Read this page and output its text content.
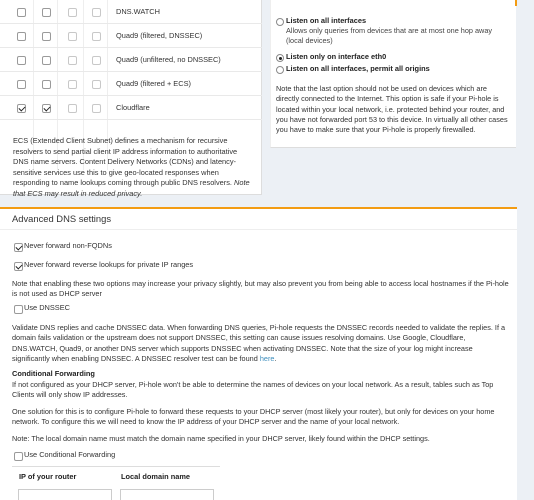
DNS.WATCH
Quad9 (filtered, DNSSEC)
Quad9 (unfiltered, no DNSSEC)
Quad9 (filtered + ECS)
Cloudflare
ECS (Extended Client Subnet) defines a mechanism for recursive resolvers to send partial client IP address information to authoritative DNS name servers. Content Delivery Networks (CDNs) and latency-sensitive services use this to give geo-located responses when responding to name lookups coming through public DNS resolvers. Note that ECS may result in reduced privacy.
Listen on all interfaces
Allows only queries from devices that are at most one hop away (local devices)
Listen only on interface eth0
Listen on all interfaces, permit all origins
Note that the last option should not be used on devices which are directly connected to the Internet. This option is safe if your Pi-hole is located within your local network, i.e. protected behind your router, and you have not forwarded port 53 to this device. In virtually all other cases you have to make sure that your Pi-hole is properly firewalled.
Advanced DNS settings
Never forward non-FQDNs
Never forward reverse lookups for private IP ranges
Note that enabling these two options may increase your privacy slightly, but may also prevent you from being able to access local hostnames if the Pi-hole is not used as DHCP server
Use DNSSEC
Validate DNS replies and cache DNSSEC data. When forwarding DNS queries, Pi-hole requests the DNSSEC records needed to validate the replies. If a domain fails validation or the upstream does not support DNSSEC, this setting can cause issues resolving domains. Use Google, Cloudflare, DNS.WATCH, Quad9, or another DNS server which supports DNSSEC when activating DNSSEC. Note that the size of your log might increase significantly when enabling DNSSEC. A DNSSEC resolver test can be found here.
Conditional Forwarding
If not configured as your DHCP server, Pi-hole won't be able to determine the names of devices on your local network. As a result, tables such as Top Clients will only show IP addresses.
One solution for this is to configure Pi-hole to forward these requests to your DHCP server (most likely your router), but only for devices on your home network. To configure this we will need to know the IP address of your DHCP server and the name of your local network.
Note: The local domain name must match the domain name specified in your DHCP server, likely found within the DHCP settings.
Use Conditional Forwarding
IP of your router	Local domain name
